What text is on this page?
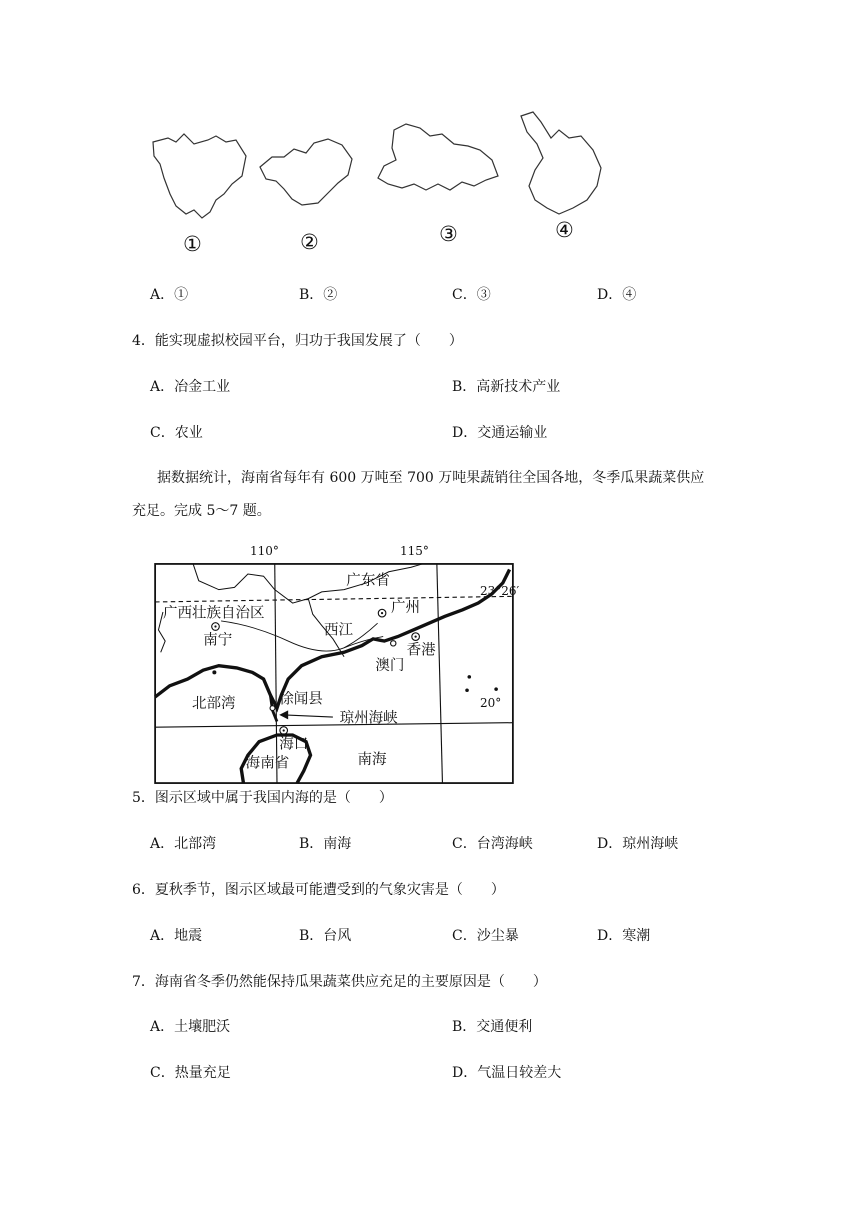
①	②	③	④
A．①	B．②	C．③	D．④
4．能实现虚拟校园平台，归功于我国发展了（　　）
A．冶金工业	B．高新技术产业
C．农业	D．交通运输业
据数据统计，海南省每年有 600 万吨至 700 万吨果蔬销往全国各地，冬季瓜果蔬菜供应
充足。完成 5～7 题。
110°	115°
23°26′
20°
广东省
广西壮族自治区
南宁
广州
西江
香港
澳门
北部湾	徐闻县
琼州海峡
海口
海南省	南海
5．图示区域中属于我国内海的是（　　）
A．北部湾	B．南海	C．台湾海峡	D．琼州海峡
6．夏秋季节，图示区域最可能遭受到的气象灾害是（　　）
A．地震	B．台风	C．沙尘暴	D．寒潮
7．海南省冬季仍然能保持瓜果蔬菜供应充足的主要原因是（　　）
A．土壤肥沃	B．交通便利
C．热量充足	D．气温日较差大
